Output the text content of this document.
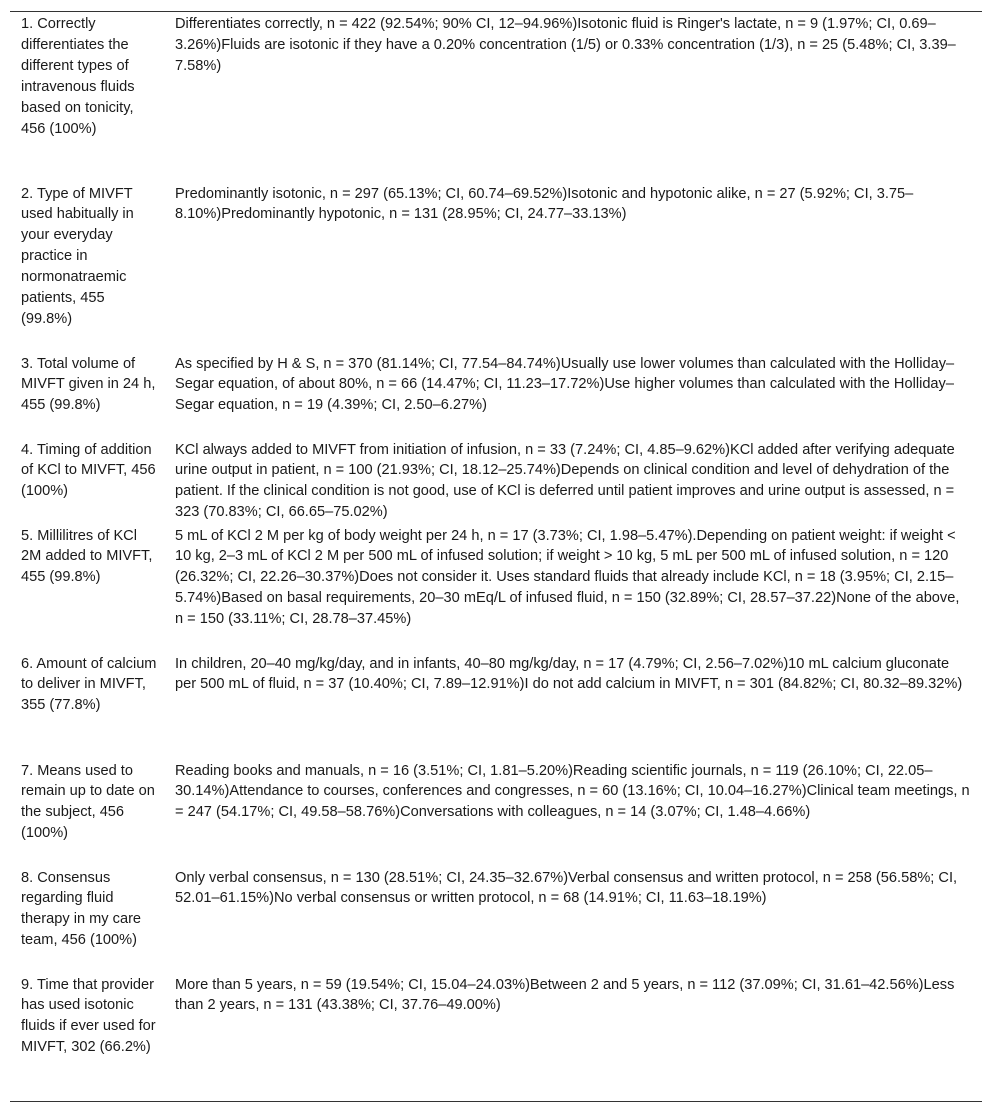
1. Correctly differentiates the different types of intravenous fluids based on tonicity, 456 (100%)	Differentiates correctly, n = 422 (92.54%; 90% CI, 12–94.96%)Isotonic fluid is Ringer's lactate, n = 9 (1.97%; CI, 0.69–3.26%)Fluids are isotonic if they have a 0.20% concentration (1/5) or 0.33% concentration (1/3), n = 25 (5.48%; CI, 3.39–7.58%)
2. Type of MIVFT used habitually in your everyday practice in normonatraemic patients, 455 (99.8%)	Predominantly isotonic, n = 297 (65.13%; CI, 60.74–69.52%)Isotonic and hypotonic alike, n = 27 (5.92%; CI, 3.75–8.10%)Predominantly hypotonic, n = 131 (28.95%; CI, 24.77–33.13%)
3. Total volume of MIVFT given in 24 h, 455 (99.8%)	As specified by H & S, n = 370 (81.14%; CI, 77.54–84.74%)Usually use lower volumes than calculated with the Holliday–Segar equation, of about 80%, n = 66 (14.47%; CI, 11.23–17.72%)Use higher volumes than calculated with the Holliday–Segar equation, n = 19 (4.39%; CI, 2.50–6.27%)
4. Timing of addition of KCl to MIVFT, 456 (100%)	KCl always added to MIVFT from initiation of infusion, n = 33 (7.24%; CI, 4.85–9.62%)KCl added after verifying adequate urine output in patient, n = 100 (21.93%; CI, 18.12–25.74%)Depends on clinical condition and level of dehydration of the patient. If the clinical condition is not good, use of KCl is deferred until patient improves and urine output is assessed, n = 323 (70.83%; CI, 66.65–75.02%)
5. Millilitres of KCl 2M added to MIVFT, 455 (99.8%)	5 mL of KCl 2 M per kg of body weight per 24 h, n = 17 (3.73%; CI, 1.98–5.47%).Depending on patient weight: if weight < 10 kg, 2–3 mL of KCl 2 M per 500 mL of infused solution; if weight > 10 kg, 5 mL per 500 mL of infused solution, n = 120 (26.32%; CI, 22.26–30.37%)Does not consider it. Uses standard fluids that already include KCl, n = 18 (3.95%; CI, 2.15–5.74%)Based on basal requirements, 20–30 mEq/L of infused fluid, n = 150 (32.89%; CI, 28.57–37.22)None of the above, n = 150 (33.11%; CI, 28.78–37.45%)
6. Amount of calcium to deliver in MIVFT, 355 (77.8%)	In children, 20–40 mg/kg/day, and in infants, 40–80 mg/kg/day, n = 17 (4.79%; CI, 2.56–7.02%)10 mL calcium gluconate per 500 mL of fluid, n = 37 (10.40%; CI, 7.89–12.91%)I do not add calcium in MIVFT, n = 301 (84.82%; CI, 80.32–89.32%)
7. Means used to remain up to date on the subject, 456 (100%)	Reading books and manuals, n = 16 (3.51%; CI, 1.81–5.20%)Reading scientific journals, n = 119 (26.10%; CI, 22.05–30.14%)Attendance to courses, conferences and congresses, n = 60 (13.16%; CI, 10.04–16.27%)Clinical team meetings, n = 247 (54.17%; CI, 49.58–58.76%)Conversations with colleagues, n = 14 (3.07%; CI, 1.48–4.66%)
8. Consensus regarding fluid therapy in my care team, 456 (100%)	Only verbal consensus, n = 130 (28.51%; CI, 24.35–32.67%)Verbal consensus and written protocol, n = 258 (56.58%; CI, 52.01–61.15%)No verbal consensus or written protocol, n = 68 (14.91%; CI, 11.63–18.19%)
9. Time that provider has used isotonic fluids if ever used for MIVFT, 302 (66.2%)	More than 5 years, n = 59 (19.54%; CI, 15.04–24.03%)Between 2 and 5 years, n = 112 (37.09%; CI, 31.61–42.56%)Less than 2 years, n = 131 (43.38%; CI, 37.76–49.00%)
